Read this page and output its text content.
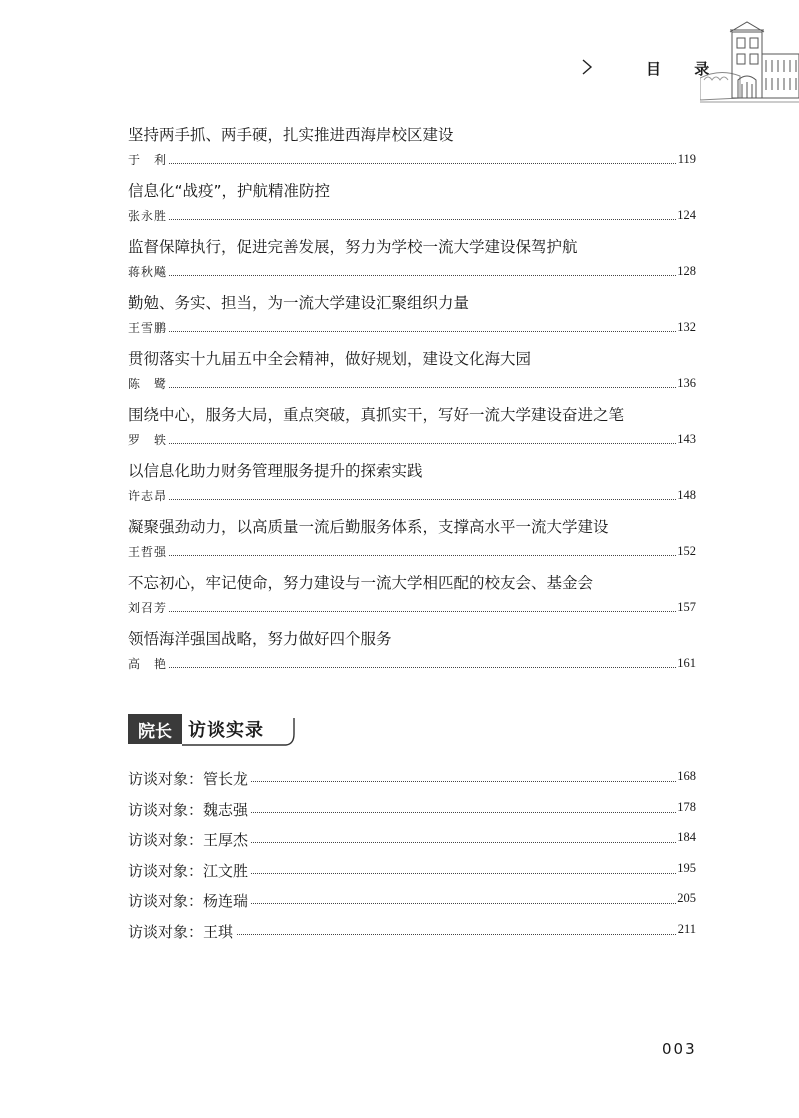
目 录
坚持两手抓、两手硬，扎实推进西海岸校区建设
于　利	119
信息化“战疫”，护航精准防控
张永胜	124
监督保障执行，促进完善发展，努力为学校一流大学建设保驾护航
蒋秋飚	128
勤勉、务实、担当，为一流大学建设汇聚组织力量
王雪鹏	132
贯彻落实十九届五中全会精神，做好规划，建设文化海大园
陈　鹭	136
围绕中心，服务大局，重点突破，真抓实干，写好一流大学建设奋进之笔
罗　轶	143
以信息化助力财务管理服务提升的探索实践
许志昂	148
凝聚强劲动力，以高质量一流后勤服务体系，支撑高水平一流大学建设
王哲强	152
不忘初心，牢记使命，努力建设与一流大学相匹配的校友会、基金会
刘召芳	157
领悟海洋强国战略，努力做好四个服务
高　艳	161
院长 访谈实录
访谈对象：管长龙	168
访谈对象：魏志强	178
访谈对象：王厚杰	184
访谈对象：江文胜	195
访谈对象：杨连瑞	205
访谈对象：王琪	211
003
